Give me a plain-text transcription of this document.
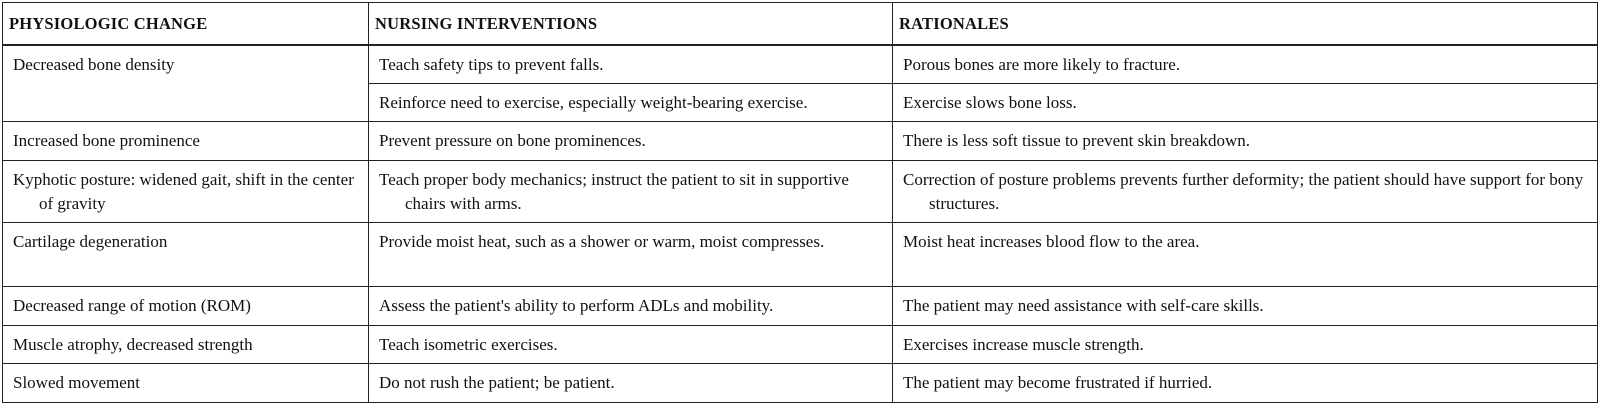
PHYSIOLOGIC CHANGE	NURSING INTERVENTIONS	RATIONALES

Decreased bone density	Teach safety tips to prevent falls.	Porous bones are more likely to fracture.

	Reinforce need to exercise, especially weight-bearing exercise.	Exercise slows bone loss.

Increased bone prominence	Prevent pressure on bone prominences.	There is less soft tissue to prevent skin breakdown.

Kyphotic posture: widened gait, shift in the center of gravity	Teach proper body mechanics; instruct the patient to sit in supportive chairs with arms.	Correction of posture problems prevents further deformity; the patient should have support for bony structures.

Cartilage degeneration	Provide moist heat, such as a shower or warm, moist compresses.	Moist heat increases blood flow to the area.

Decreased range of motion (ROM)	Assess the patient's ability to perform ADLs and mobility.	The patient may need assistance with self-care skills.

Muscle atrophy, decreased strength	Teach isometric exercises.	Exercises increase muscle strength.

Slowed movement	Do not rush the patient; be patient.	The patient may become frustrated if hurried.
